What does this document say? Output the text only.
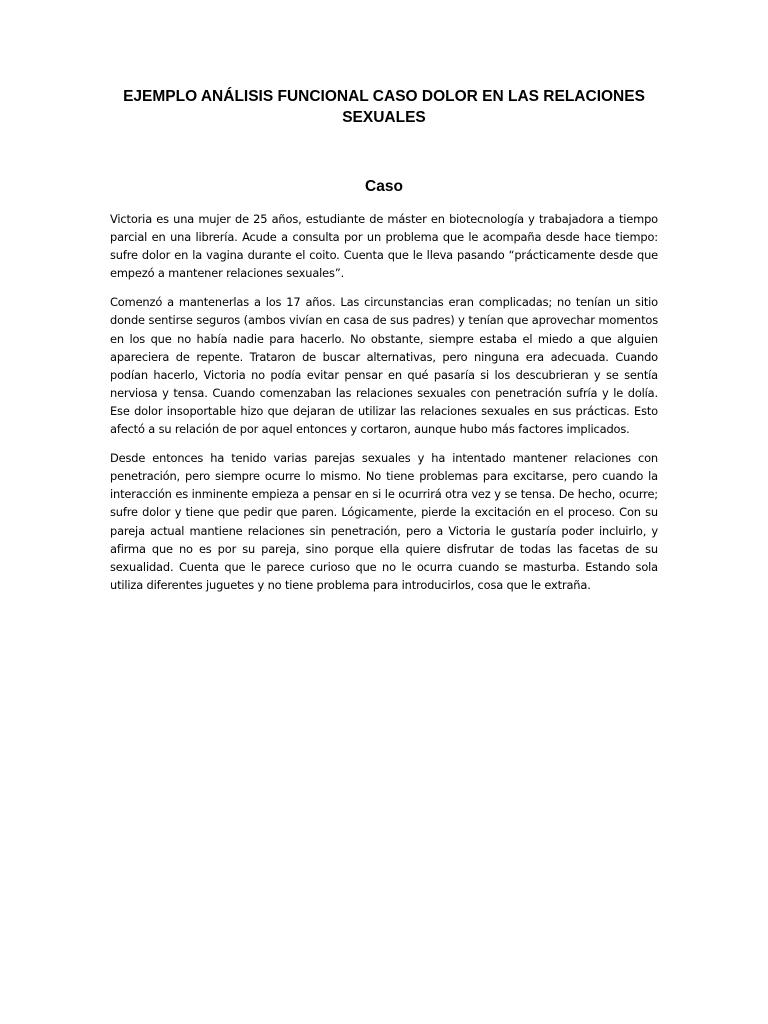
EJEMPLO ANÁLISIS FUNCIONAL CASO DOLOR EN LAS RELACIONES SEXUALES
Caso

Victoria es una mujer de 25 años, estudiante de máster en biotecnología y trabajadora a tiempo parcial en una librería. Acude a consulta por un problema que le acompaña desde hace tiempo: sufre dolor en la vagina durante el coito. Cuenta que le lleva pasando “prácticamente desde que empezó a mantener relaciones sexuales”.

Comenzó a mantenerlas a los 17 años. Las circunstancias eran complicadas; no tenían un sitio donde sentirse seguros (ambos vivían en casa de sus padres) y tenían que aprovechar momentos en los que no había nadie para hacerlo. No obstante, siempre estaba el miedo a que alguien apareciera de repente. Trataron de buscar alternativas, pero ninguna era adecuada. Cuando podían hacerlo, Victoria no podía evitar pensar en qué pasaría si los descubrieran y se sentía nerviosa y tensa. Cuando comenzaban las relaciones sexuales con penetración sufría y le dolía. Ese dolor insoportable hizo que dejaran de utilizar las relaciones sexuales en sus prácticas. Esto afectó a su relación de por aquel entonces y cortaron, aunque hubo más factores implicados.

Desde entonces ha tenido varias parejas sexuales y ha intentado mantener relaciones con penetración, pero siempre ocurre lo mismo. No tiene problemas para excitarse, pero cuando la interacción es inminente empieza a pensar en si le ocurrirá otra vez y se tensa. De hecho, ocurre; sufre dolor y tiene que pedir que paren. Lógicamente, pierde la excitación en el proceso. Con su pareja actual mantiene relaciones sin penetración, pero a Victoria le gustaría poder incluirlo, y afirma que no es por su pareja, sino porque ella quiere disfrutar de todas las facetas de su sexualidad. Cuenta que le parece curioso que no le ocurra cuando se masturba. Estando sola utiliza diferentes juguetes y no tiene problema para introducirlos, cosa que le extraña.
